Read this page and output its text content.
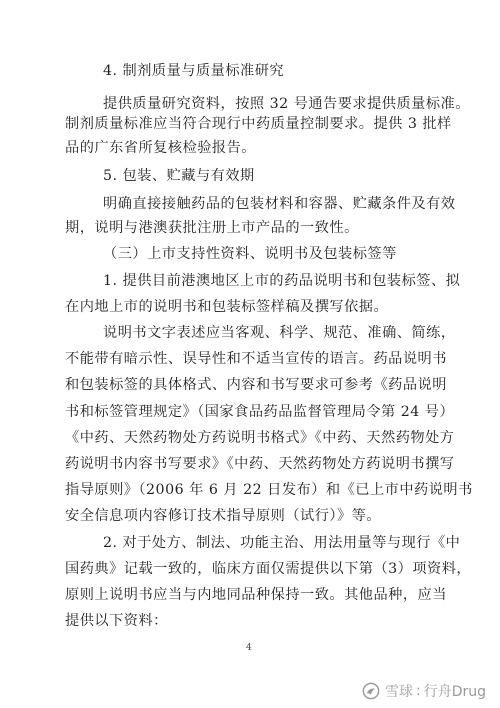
4. 制剂质量与质量标准研究
提供质量研究资料，按照 32 号通告要求提供质量标准。
制剂质量标准应当符合现行中药质量控制要求。提供 3 批样
品的广东省所复核检验报告。
5. 包装、贮藏与有效期
明确直接接触药品的包装材料和容器、贮藏条件及有效
期，说明与港澳获批注册上市产品的一致性。
（三）上市支持性资料、说明书及包装标签等
1. 提供目前港澳地区上市的药品说明书和包装标签、拟
在内地上市的说明书和包装标签样稿及撰写依据。
说明书文字表述应当客观、科学、规范、准确、简练，
不能带有暗示性、误导性和不适当宣传的语言。药品说明书
和包装标签的具体格式、内容和书写要求可参考《药品说明
书和标签管理规定》（国家食品药品监督管理局令第 24 号）
《中药、天然药物处方药说明书格式》《中药、天然药物处方
药说明书内容书写要求》《中药、天然药物处方药说明书撰写
指导原则》（2006 年 6 月 22 日发布）和《已上市中药说明书
安全信息项内容修订技术指导原则（试行）》等。
2. 对于处方、制法、功能主治、用法用量等与现行《中
国药典》记载一致的，临床方面仅需提供以下第（3）项资料，
原则上说明书应当与内地同品种保持一致。其他品种，应当
提供以下资料：
4
雪球 : 行舟Drug
